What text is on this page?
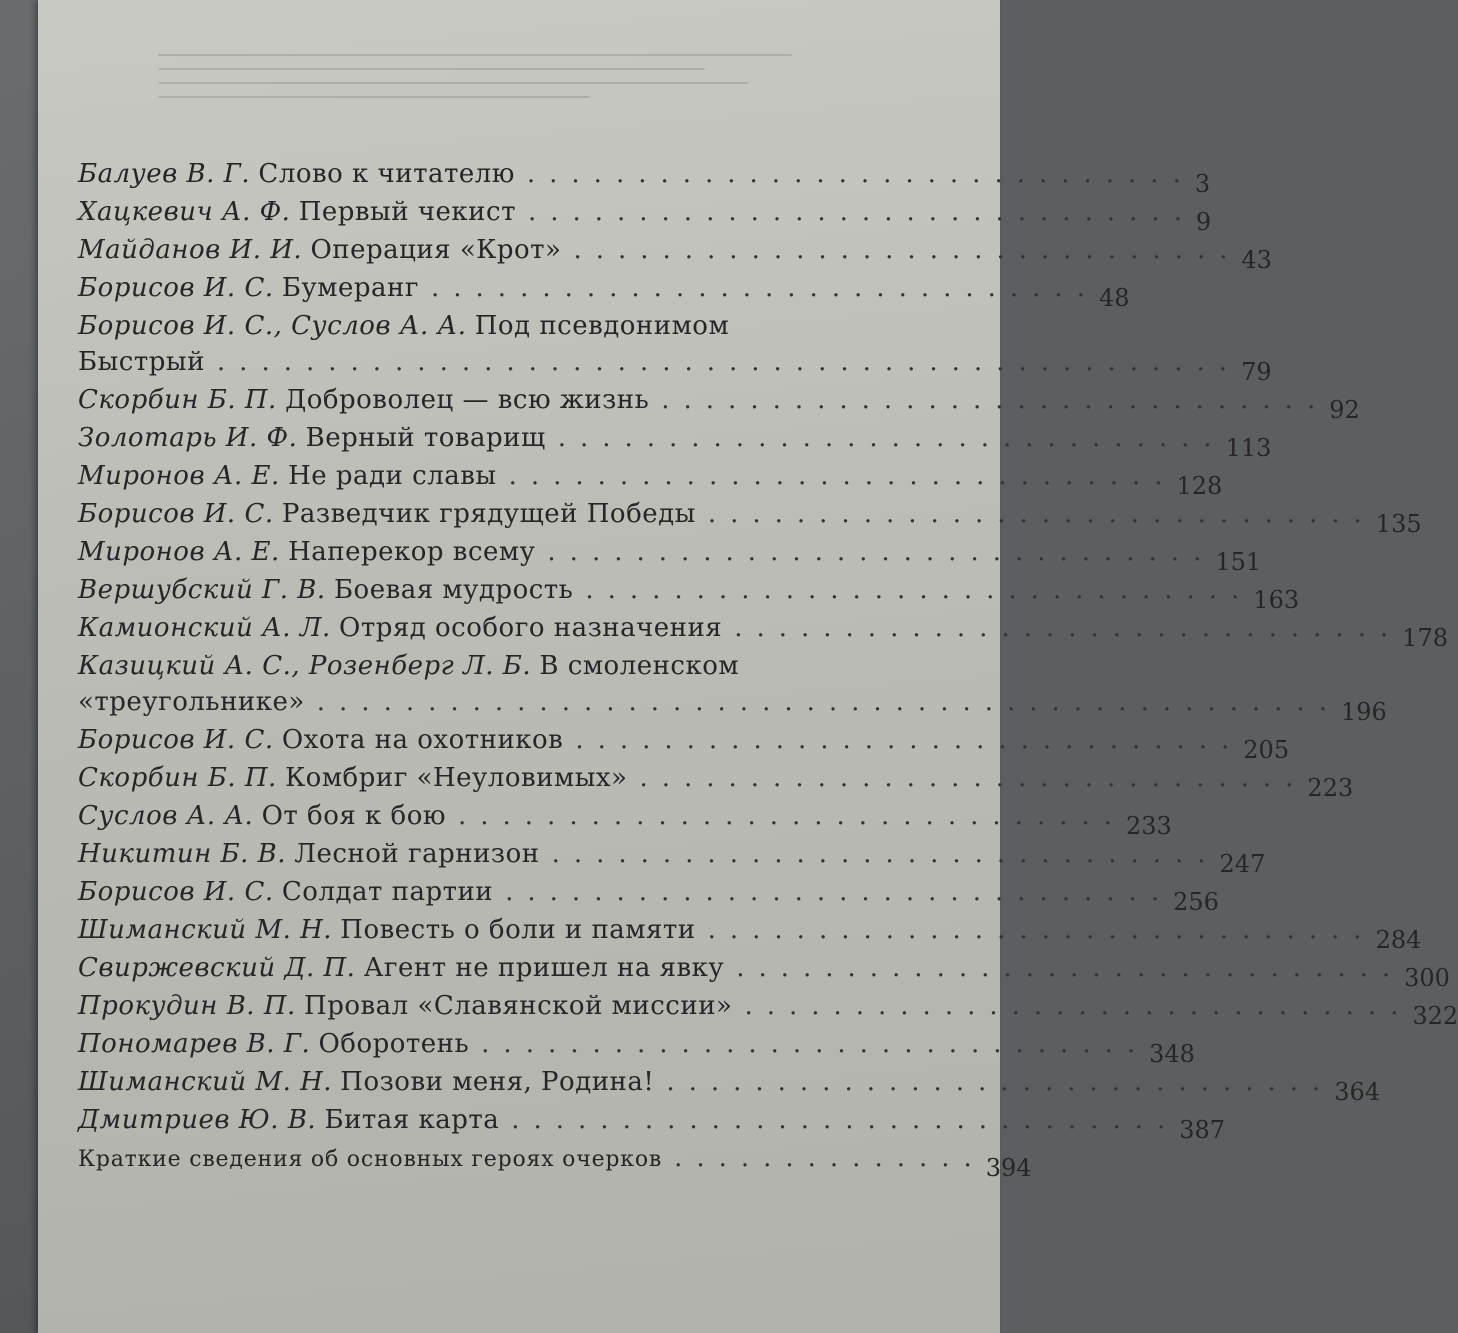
Балуев В. Г.
Слово к читателю .............................. 3
Хацкевич А. Ф.
Первый чекист .............................. 9
Майданов И. И.
Операция «Крот» .............................. 43
Борисов И. С.
Бумеранг .............................. 48
Борисов И. С., Суслов А. А.
Под псевдонимом
Быстрый .............................................. 79
Скорбин Б. П.
Доброволец — всю жизнь .............................. 92
Золотарь И. Ф.
Верный товарищ .............................. 113
Миронов А. Е.
Не ради славы .............................. 128
Борисов И. С.
Разведчик грядущей Победы .............................. 135
Миронов А. Е.
Наперекор всему .............................. 151
Вершубский Г. В.
Боевая мудрость .............................. 163
Камионский А. Л.
Отряд особого назначения .............................. 178
Казицкий А. С., Розенберг Л. Б.
В смоленском
«треугольнике» .............................................. 196
Борисов И. С.
Охота на охотников .............................. 205
Скорбин Б. П.
Комбриг «Неуловимых» .............................. 223
Суслов А. А.
От боя к бою .............................. 233
Никитин Б. В.
Лесной гарнизон .............................. 247
Борисов И. С.
Солдат партии .............................. 256
Шиманский М. Н.
Повесть о боли и памяти .............................. 284
Свиржевский Д. П.
Агент не пришел на явку .............................. 300
Прокудин В. П.
Провал «Славянской миссии» .............................. 322
Пономарев В. Г.
Оборотень .............................. 348
Шиманский М. Н.
Позови меня, Родина! .............................. 364
Дмитриев Ю. В.
Битая карта .............................. 387
Краткие сведения об основных героях очерков .............. 394
